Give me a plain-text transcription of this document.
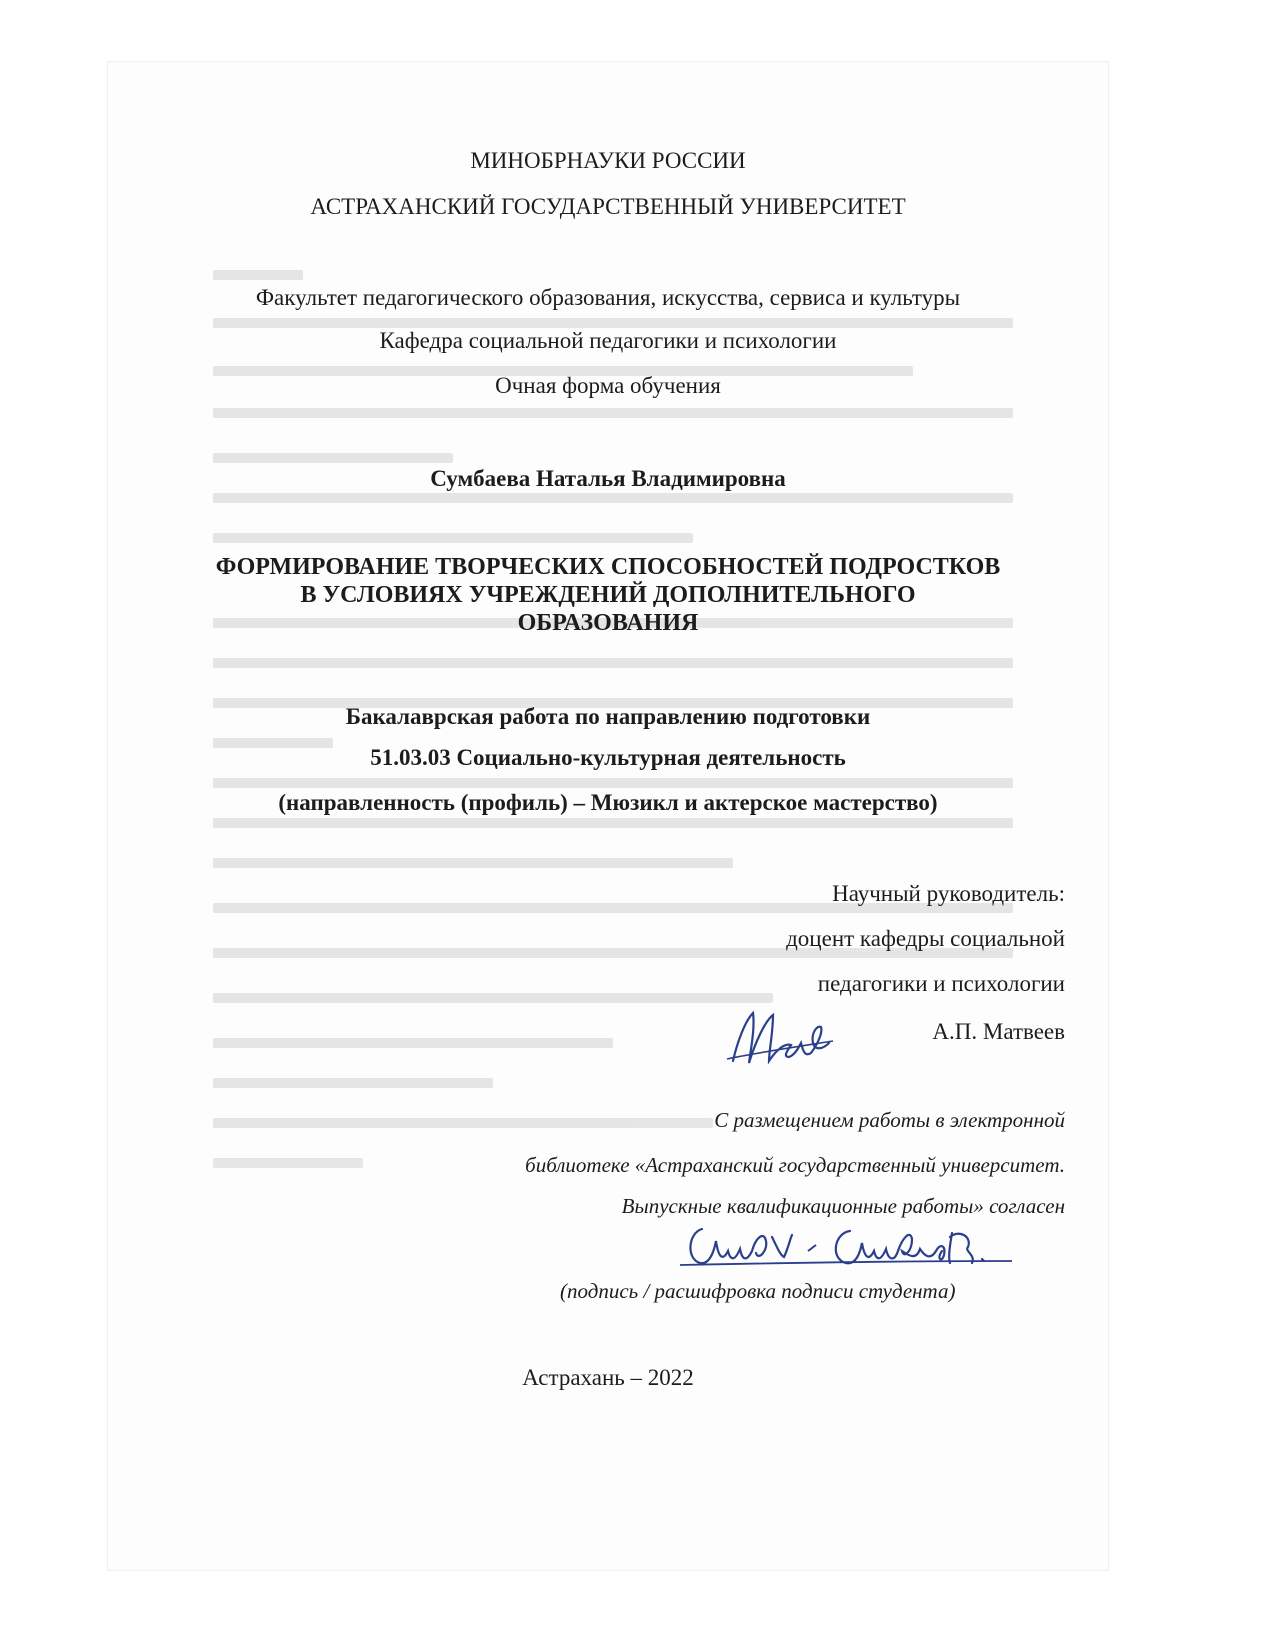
МИНОБРНАУКИ РОССИИ
АСТРАХАНСКИЙ ГОСУДАРСТВЕННЫЙ УНИВЕРСИТЕТ
Факультет педагогического образования, искусства, сервиса и культуры
Кафедра социальной педагогики и психологии
Очная форма обучения
Сумбаева Наталья Владимировна
ФОРМИРОВАНИЕ ТВОРЧЕСКИХ СПОСОБНОСТЕЙ ПОДРОСТКОВ
В УСЛОВИЯХ УЧРЕЖДЕНИЙ ДОПОЛНИТЕЛЬНОГО
ОБРАЗОВАНИЯ
Бакалаврская работа по направлению подготовки
51.03.03 Социально-культурная деятельность
(направленность (профиль) – Мюзикл и актерское мастерство)
Научный руководитель:
доцент кафедры социальной
педагогики и психологии
А.П. Матвеев
С размещением работы в электронной
библиотеке «Астраханский государственный университет.
Выпускные квалификационные работы» согласен
(подпись / расшифровка подписи студента)
Астрахань – 2022
